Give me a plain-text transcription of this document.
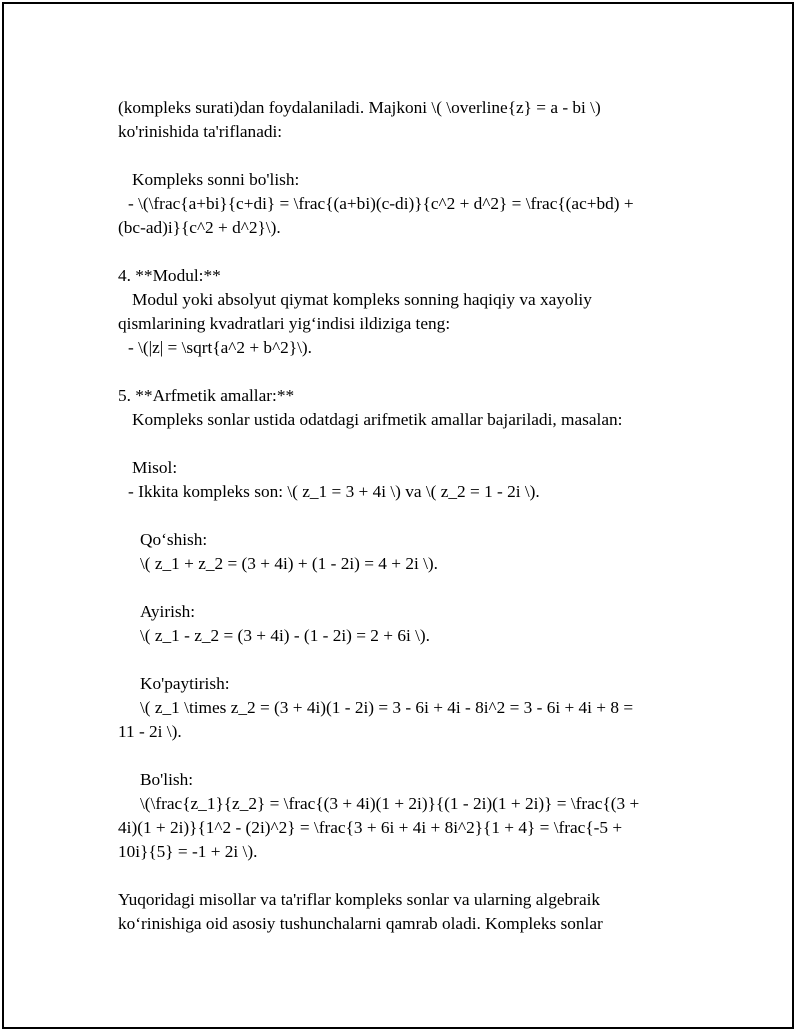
(kompleks surati)dan foydalaniladi. Majkoni \( \overline{z} = a - bi \)
ko'rinishida ta'riflanadi:
Kompleks sonni bo'lish:
- \(\frac{a+bi}{c+di} = \frac{(a+bi)(c-di)}{c^2 + d^2} = \frac{(ac+bd) +
(bc-ad)i}{c^2 + d^2}\).
4. **Modul:**
Modul yoki absolyut qiymat kompleks sonning haqiqiy va xayoliy
qismlarining kvadratlari yig‘indisi ildiziga teng:
- \(|z| = \sqrt{a^2 + b^2}\).
5. **Arfmetik amallar:**
Kompleks sonlar ustida odatdagi arifmetik amallar bajariladi, masalan:
Misol:
- Ikkita kompleks son: \( z_1 = 3 + 4i \) va \( z_2 = 1 - 2i \).
Qo‘shish:
\( z_1 + z_2 = (3 + 4i) + (1 - 2i) = 4 + 2i \).
Ayirish:
\( z_1 - z_2 = (3 + 4i) - (1 - 2i) = 2 + 6i \).
Ko'paytirish:
\( z_1 \times z_2 = (3 + 4i)(1 - 2i) = 3 - 6i + 4i - 8i^2 = 3 - 6i + 4i + 8 =
11 - 2i \).
Bo'lish:
\(\frac{z_1}{z_2} = \frac{(3 + 4i)(1 + 2i)}{(1 - 2i)(1 + 2i)} = \frac{(3 +
4i)(1 + 2i)}{1^2 - (2i)^2} = \frac{3 + 6i + 4i + 8i^2}{1 + 4} = \frac{-5 +
10i}{5} = -1 + 2i \).
Yuqoridagi misollar va ta'riflar kompleks sonlar va ularning algebraik
ko‘rinishiga oid asosiy tushunchalarni qamrab oladi. Kompleks sonlar
